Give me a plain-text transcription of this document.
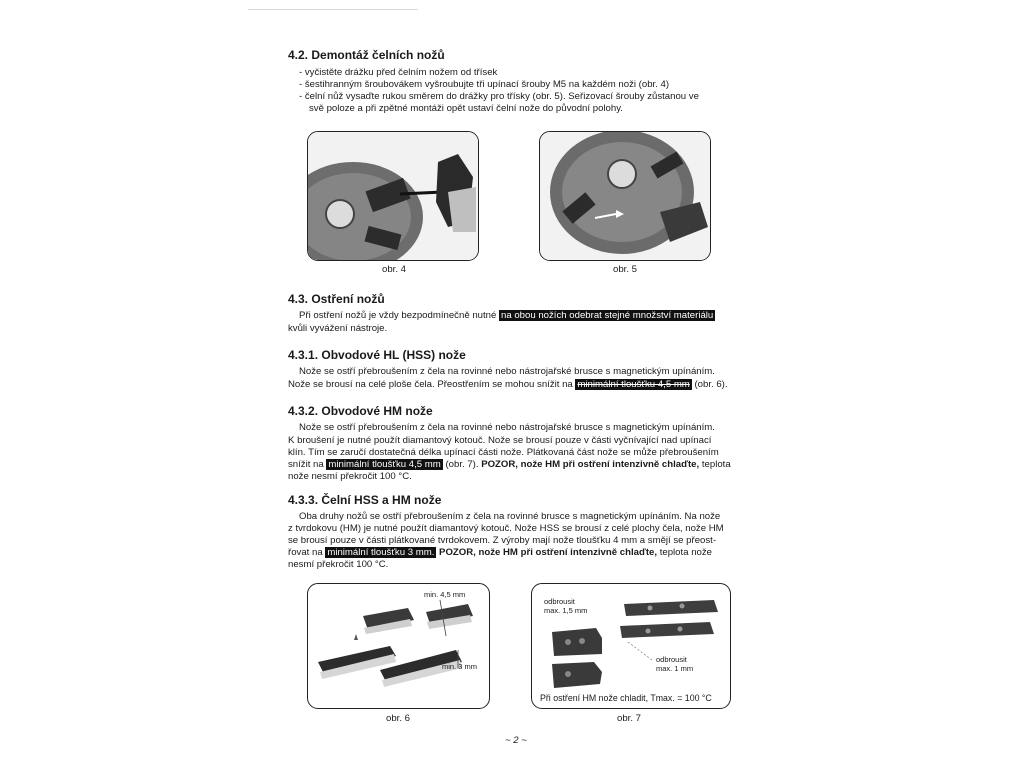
4.2. Demontáž čelních nožů
- vyčistěte drážku před čelním nožem od třísek
- šestihranným šroubovákem vyšroubujte tři upínací šrouby M5 na každém noži (obr. 4)
- čelní nůž vysaďte rukou směrem do drážky pro třísky (obr. 5). Seřizovací šrouby zůstanou ve
svě poloze a při zpětné montáži opět ustaví čelní nože do původní polohy.
obr. 4	obr. 5
4.3. Ostření nožů
Při ostření nožů je vždy bezpodmínečně nutné na obou nožích odebrat stejné množství materiálu
kvůli vyvážení nástroje.
4.3.1. Obvodové HL (HSS) nože
Nože se ostří přebroušením z čela na rovinné nebo nástrojařské brusce s magnetickým upínáním.
Nože se brousí na celé ploše čela. Přeostřením se mohou snížit na minimální tloušťku 4,5 mm (obr. 6).
4.3.2. Obvodové HM nože
Nože se ostří přebroušením z čela na rovinné nebo nástrojařské brusce s magnetickým upínáním.
K broušení je nutné použít diamantový kotouč. Nože se brousí pouze v části vyčnívající nad upínací
klín. Tím se zaručí dostatečná délka upínací části nože. Plátkovaná část nože se může přebroušením
snížit na minimální tloušťku 4,5 mm (obr. 7). POZOR, nože HM při ostření intenzivně chlaďte, teplota
nože nesmí překročit 100 °C.
4.3.3. Čelní HSS a HM nože
Oba druhy nožů se ostří přebroušením z čela na rovinné brusce s magnetickým upínáním. Na nože
z tvrdokovu (HM) je nutné použít diamantový kotouč. Nože HSS se brousí z celé plochy čela, nože HM
se brousí pouze v části plátkované tvrdokovem. Z výroby mají nože tloušťku 4 mm a smějí se přeost-
řovat na minimální tloušťku 3 mm. POZOR, nože HM při ostření intenzivně chlaďte, teplota nože
nesmí překročit 100 °C.
min. 4,5 mm
min. 3 mm
obr. 6
odbrousit
max. 1,5 mm
odbrousit
max. 1 mm
Při ostření HM nože chladit, Tmax. = 100 °C
obr. 7
~ 2 ~
